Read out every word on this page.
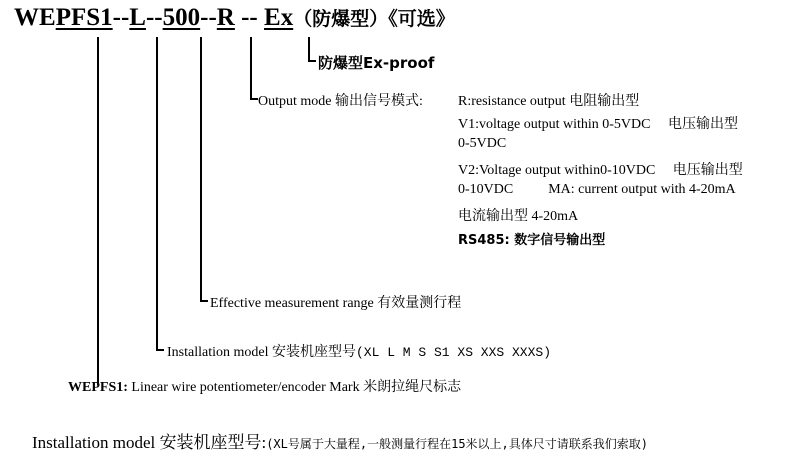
WEPFS1--L--500--R -- Ex（防爆型）《可选》
防爆型Ex-proof
Output mode 输出信号模式:	R:resistance output 电阻输出型
V1:voltage output within 0-5VDC     电压输出型
0-5VDC
V2:Voltage output within0-10VDC     电压输出型
0-10VDC          MA: current output with 4-20mA
电流输出型 4-20mA
RS485: 数字信号输出型
Effective measurement range 有效量测行程
Installation model 安装机座型号(XL L M S S1 XS XXS XXXS)
WEPFS1: Linear wire potentiometer/encoder Mark 米朗拉绳尺标志
Installation model 安装机座型号:(XL号属于大量程,一般测量行程在15米以上,具体尺寸请联系我们索取)
